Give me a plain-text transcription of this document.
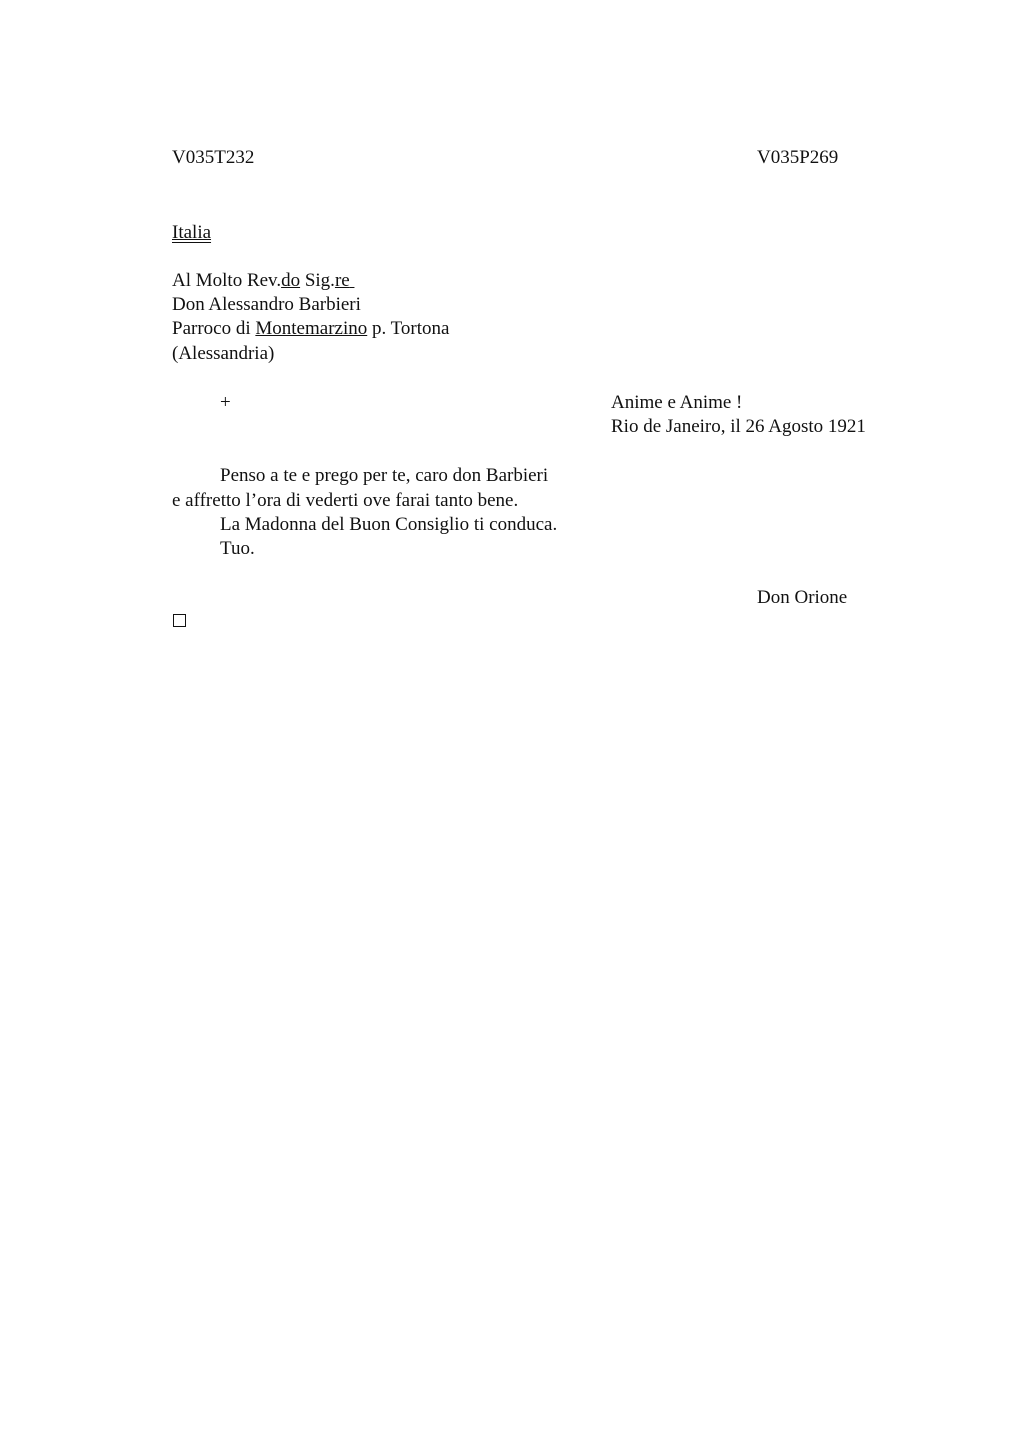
V035T232	V035P269
Italia
Al Molto Rev.do Sig.re
Don Alessandro Barbieri
Parroco di Montemarzino p. Tortona
(Alessandria)
+	Anime e Anime !
Rio de Janeiro, il 26 Agosto 1921
Penso a te e prego per te, caro don Barbieri
e affretto l’ora di vederti ove farai tanto bene.
La Madonna del Buon Consiglio ti conduca.
Tuo.
Don Orione
